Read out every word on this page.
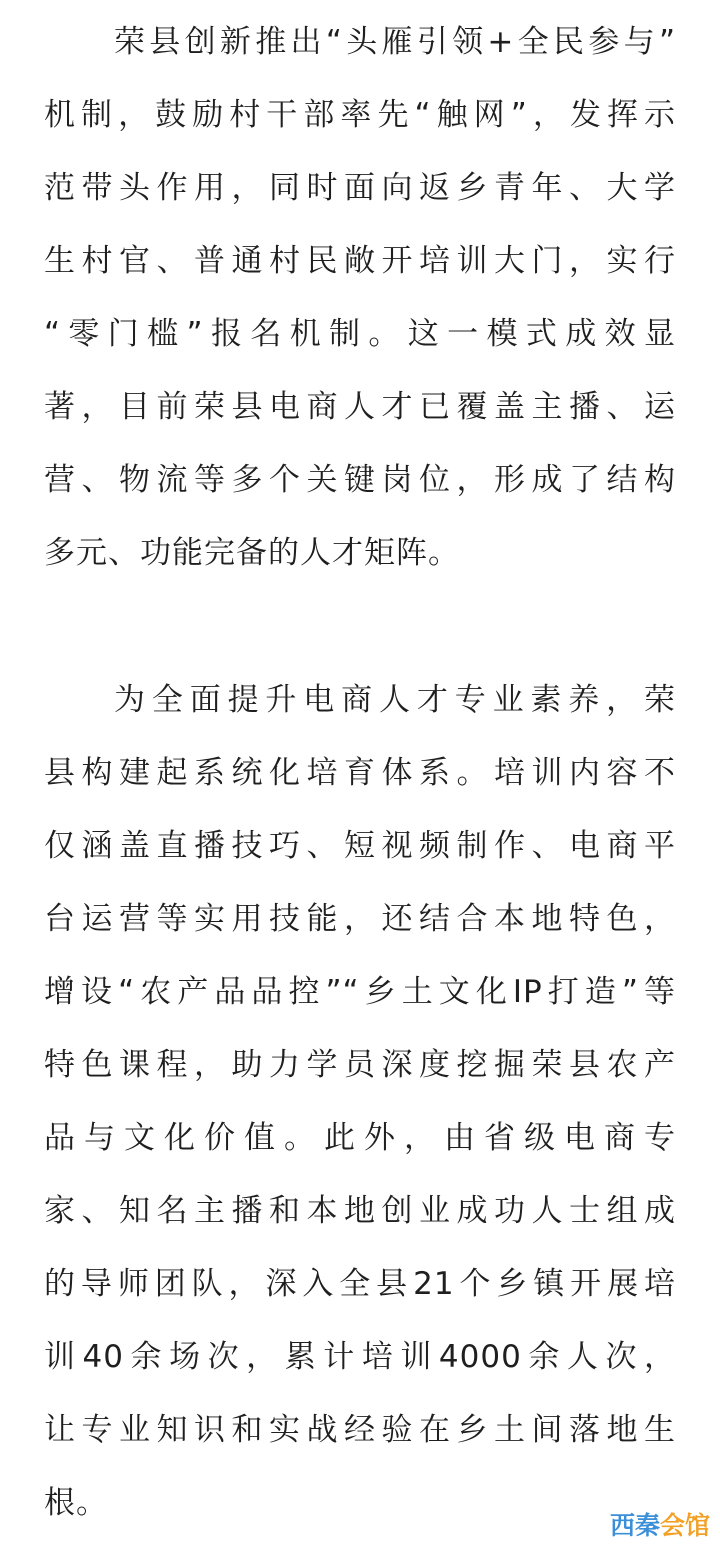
荣县创新推出“头雁引领+全民参与”
机制，鼓励村干部率先“触网”，发挥示
范带头作用，同时面向返乡青年、大学
生村官、普通村民敞开培训大门，实行
“零门槛”报名机制。这一模式成效显
著，目前荣县电商人才已覆盖主播、运
营、物流等多个关键岗位，形成了结构
多元、功能完备的人才矩阵。
为全面提升电商人才专业素养，荣
县构建起系统化培育体系。培训内容不
仅涵盖直播技巧、短视频制作、电商平
台运营等实用技能，还结合本地特色，
增设“农产品品控”“乡土文化IP打造”等
特色课程，助力学员深度挖掘荣县农产
品与文化价值。此外，由省级电商专
家、知名主播和本地创业成功人士组成
的导师团队，深入全县21个乡镇开展培
训40余场次，累计培训4000余人次，
让专业知识和实战经验在乡土间落地生
根。
西秦 会馆
